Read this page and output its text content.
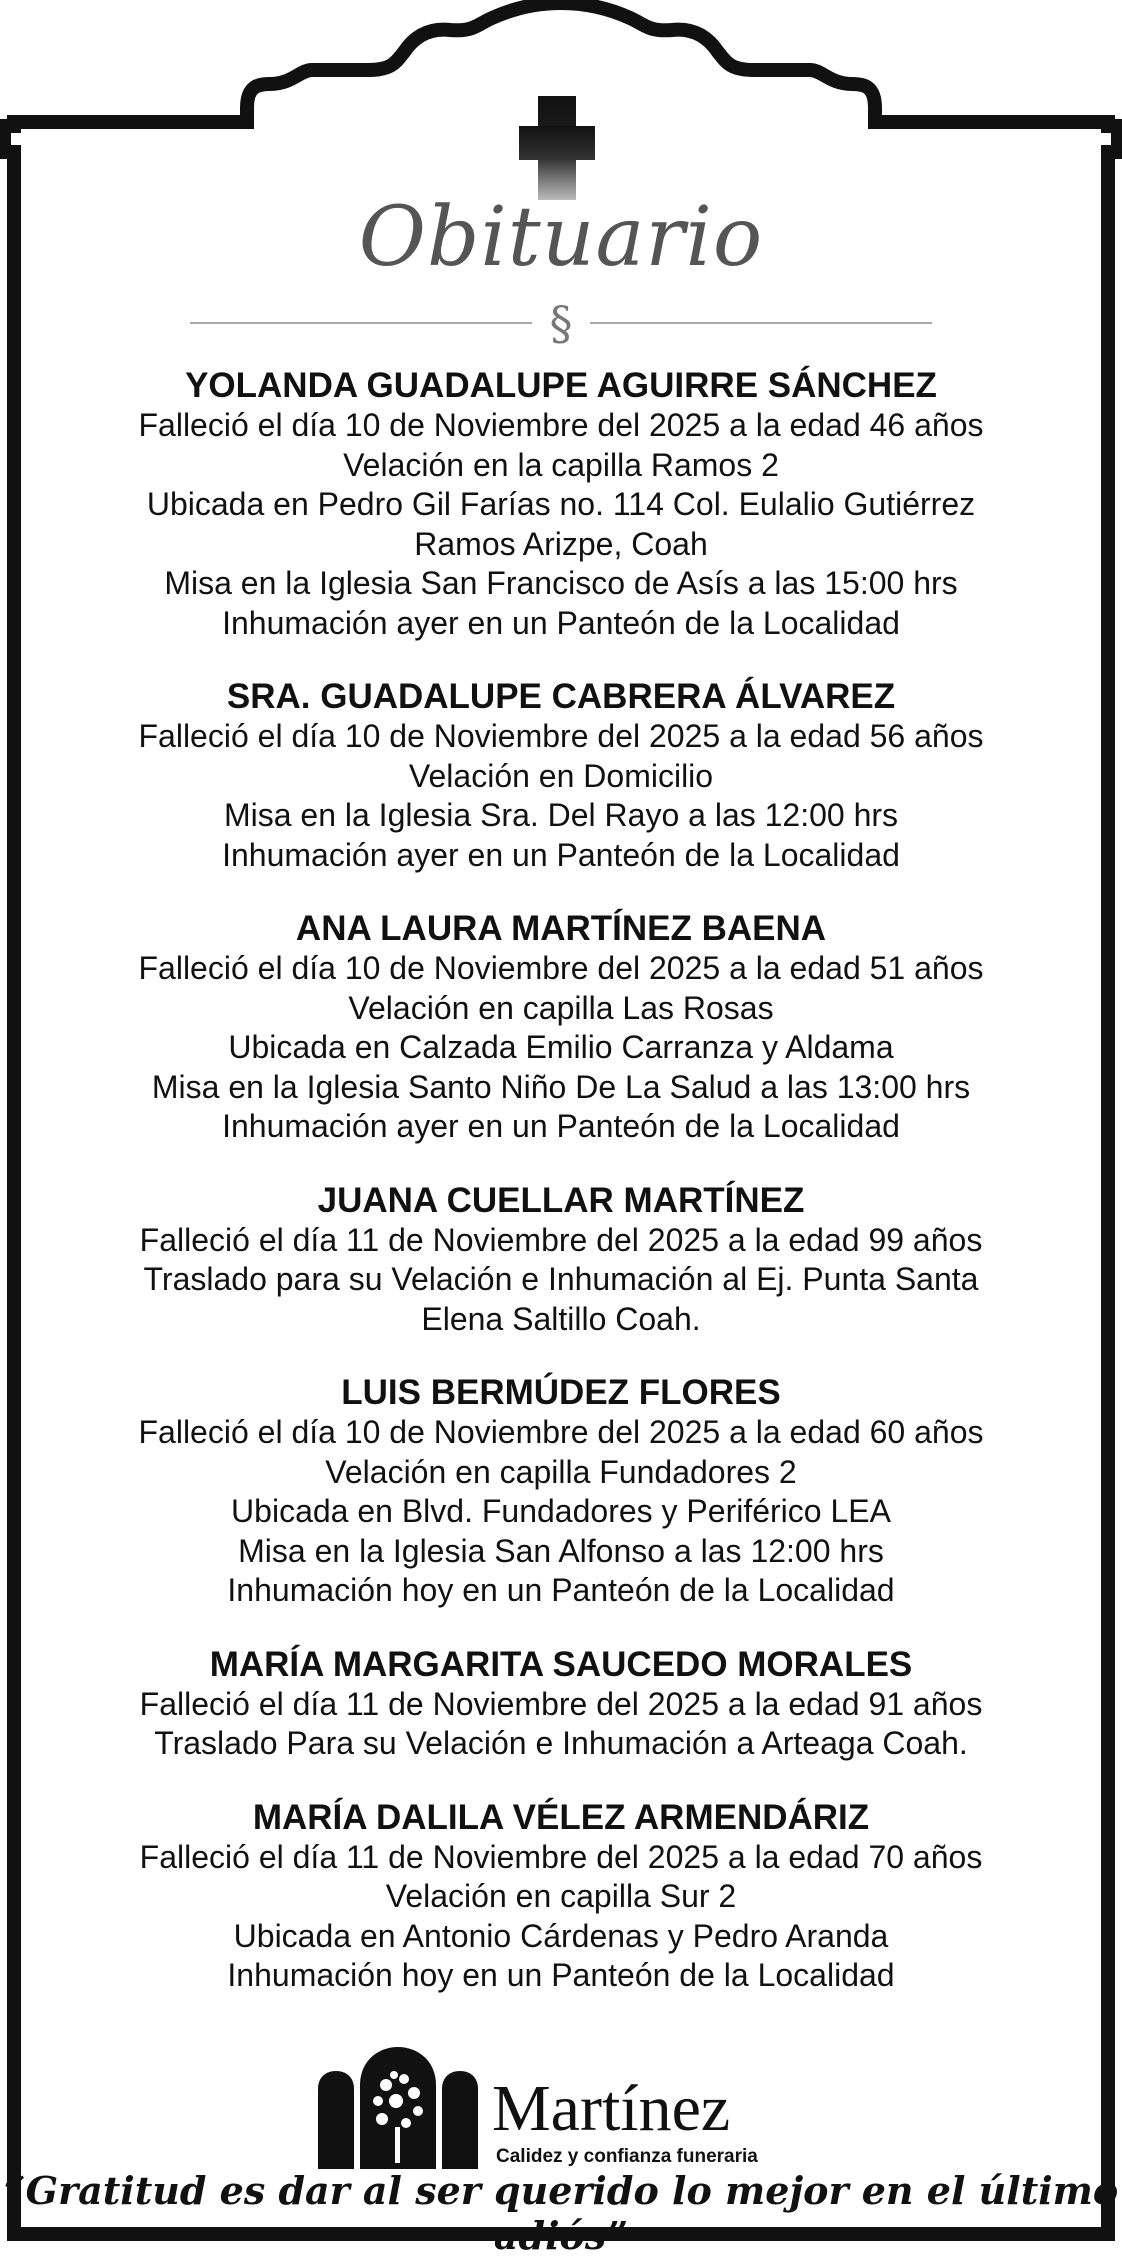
Obituario
§
YOLANDA GUADALUPE AGUIRRE SÁNCHEZ
Falleció el día 10 de Noviembre del 2025 a la edad 46 años
Velación en la capilla Ramos 2
Ubicada en Pedro Gil Farías no. 114 Col. Eulalio Gutiérrez
Ramos Arizpe, Coah
Misa en la Iglesia San Francisco de Asís a las 15:00 hrs
Inhumación ayer en un Panteón de la Localidad
SRA. GUADALUPE CABRERA ÁLVAREZ
Falleció el día 10 de Noviembre del 2025 a la edad 56 años
Velación en Domicilio
Misa en la Iglesia Sra. Del Rayo a las 12:00 hrs
Inhumación ayer en un Panteón de la Localidad
ANA LAURA MARTÍNEZ BAENA
Falleció el día 10 de Noviembre del 2025 a la edad 51 años
Velación en capilla Las Rosas
Ubicada en Calzada Emilio Carranza y Aldama
Misa en la Iglesia Santo Niño De La Salud a las 13:00 hrs
Inhumación ayer en un Panteón de la Localidad
JUANA CUELLAR MARTÍNEZ
Falleció el día 11 de Noviembre del 2025 a la edad 99 años
Traslado para su Velación e Inhumación al Ej. Punta Santa
Elena Saltillo Coah.
LUIS BERMÚDEZ FLORES
Falleció el día 10 de Noviembre del 2025 a la edad 60 años
Velación en capilla Fundadores 2
Ubicada en Blvd. Fundadores y Periférico LEA
Misa en la Iglesia San Alfonso a las 12:00 hrs
Inhumación hoy en un Panteón de la Localidad
MARÍA MARGARITA SAUCEDO MORALES
Falleció el día 11 de Noviembre del 2025 a la edad 91 años
Traslado Para su Velación e Inhumación a Arteaga Coah.
MARÍA DALILA VÉLEZ ARMENDÁRIZ
Falleció el día 11 de Noviembre del 2025 a la edad 70 años
Velación en capilla Sur 2
Ubicada en Antonio Cárdenas y Pedro Aranda
Inhumación hoy en un Panteón de la Localidad
Martínez
Calidez y confianza funeraria
“Gratitud es dar al ser querido lo mejor en el último adiós”
